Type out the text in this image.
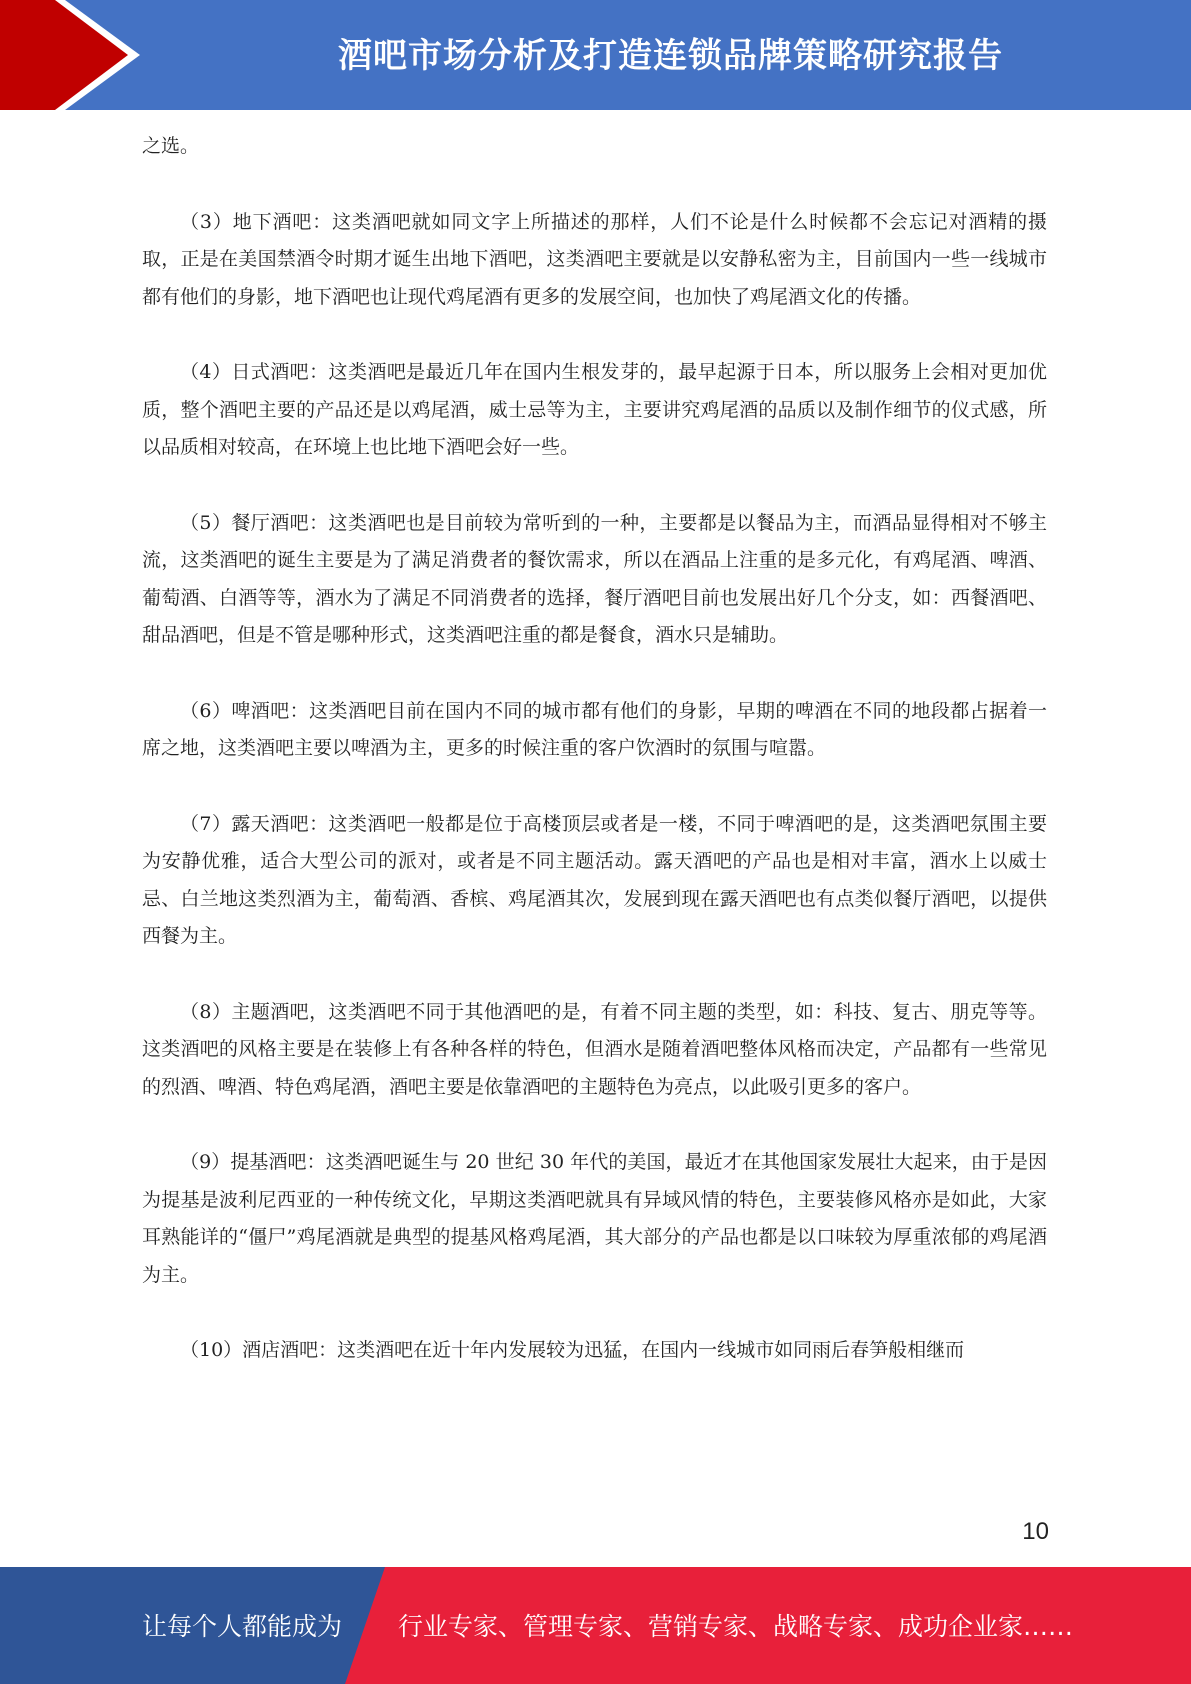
酒吧市场分析及打造连锁品牌策略研究报告

之选。

（3）地下酒吧：这类酒吧就如同文字上所描述的那样，人们不论是什么时候都不会忘记对酒精的摄取，正是在美国禁酒令时期才诞生出地下酒吧，这类酒吧主要就是以安静私密为主，目前国内一些一线城市都有他们的身影，地下酒吧也让现代鸡尾酒有更多的发展空间，也加快了鸡尾酒文化的传播。

（4）日式酒吧：这类酒吧是最近几年在国内生根发芽的，最早起源于日本，所以服务上会相对更加优质，整个酒吧主要的产品还是以鸡尾酒，威士忌等为主，主要讲究鸡尾酒的品质以及制作细节的仪式感，所以品质相对较高，在环境上也比地下酒吧会好一些。

（5）餐厅酒吧：这类酒吧也是目前较为常听到的一种，主要都是以餐品为主，而酒品显得相对不够主流，这类酒吧的诞生主要是为了满足消费者的餐饮需求，所以在酒品上注重的是多元化，有鸡尾酒、啤酒、葡萄酒、白酒等等，酒水为了满足不同消费者的选择，餐厅酒吧目前也发展出好几个分支，如：西餐酒吧、甜品酒吧，但是不管是哪种形式，这类酒吧注重的都是餐食，酒水只是辅助。

（6）啤酒吧：这类酒吧目前在国内不同的城市都有他们的身影，早期的啤酒在不同的地段都占据着一席之地，这类酒吧主要以啤酒为主，更多的时候注重的客户饮酒时的氛围与喧嚣。

（7）露天酒吧：这类酒吧一般都是位于高楼顶层或者是一楼，不同于啤酒吧的是，这类酒吧氛围主要为安静优雅，适合大型公司的派对，或者是不同主题活动。露天酒吧的产品也是相对丰富，酒水上以威士忌、白兰地这类烈酒为主，葡萄酒、香槟、鸡尾酒其次，发展到现在露天酒吧也有点类似餐厅酒吧，以提供西餐为主。

（8）主题酒吧，这类酒吧不同于其他酒吧的是，有着不同主题的类型，如：科技、复古、朋克等等。这类酒吧的风格主要是在装修上有各种各样的特色，但酒水是随着酒吧整体风格而决定，产品都有一些常见的烈酒、啤酒、特色鸡尾酒，酒吧主要是依靠酒吧的主题特色为亮点，以此吸引更多的客户。

（9）提基酒吧：这类酒吧诞生与 20 世纪 30 年代的美国，最近才在其他国家发展壮大起来，由于是因为提基是波利尼西亚的一种传统文化，早期这类酒吧就具有异域风情的特色，主要装修风格亦是如此，大家耳熟能详的“僵尸”鸡尾酒就是典型的提基风格鸡尾酒，其大部分的产品也都是以口味较为厚重浓郁的鸡尾酒为主。

（10）酒店酒吧：这类酒吧在近十年内发展较为迅猛，在国内一线城市如同雨后春笋般相继而

10
让每个人都能成为 行业专家、管理专家、营销专家、战略专家、成功企业家……
